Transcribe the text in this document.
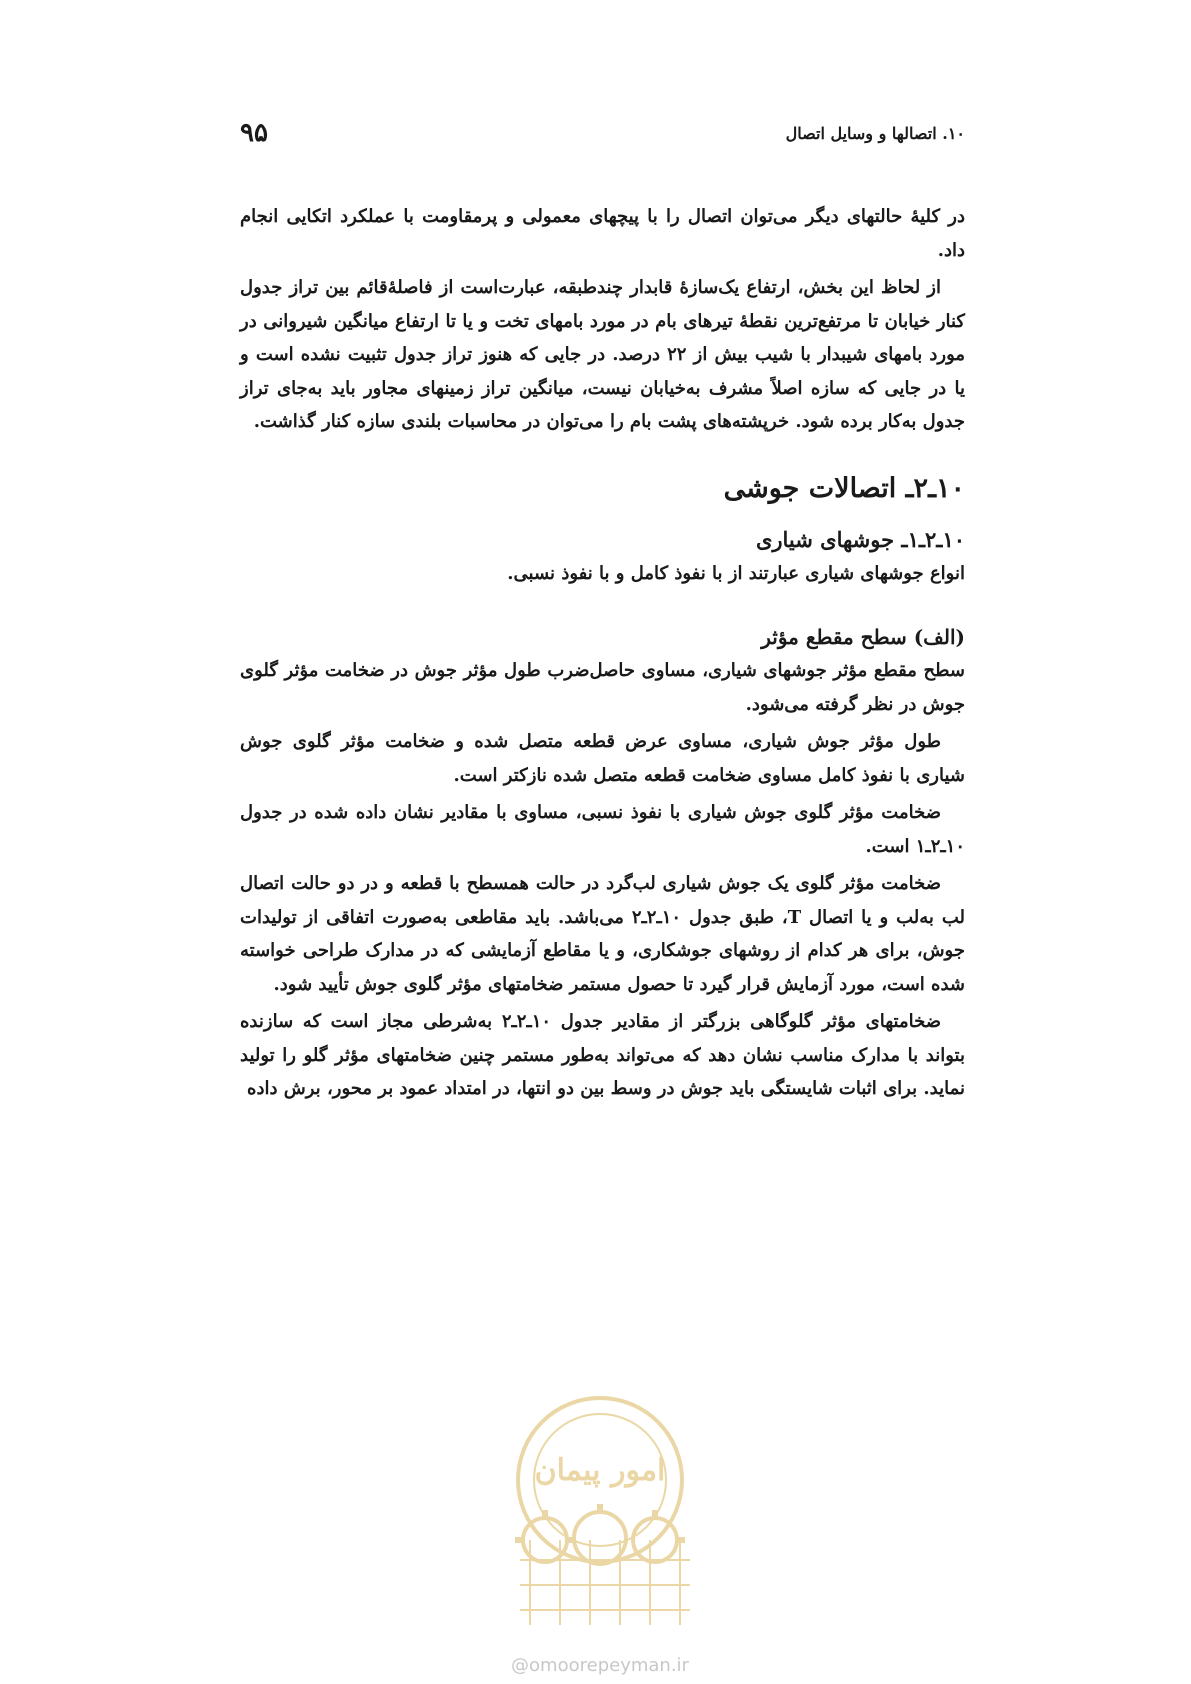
۹۵	۱۰. اتصالها و وسایل اتصال

در کلیهٔ حالتهای دیگر می‌توان اتصال را با پیچهای معمولی و پرمقاومت با عملکرد اتکایی انجام داد.

از لحاظ این بخش، ارتفاع یک‌سازهٔ قابدار چندطبقه، عبارت‌است از فاصلهٔ‌قائم بین تراز جدول کنار خیابان تا مرتفع‌ترین نقطهٔ تیرهای بام در مورد بامهای تخت و یا تا ارتفاع میانگین شیروانی در مورد بامهای شیبدار با شیب بیش از ۲۲ درصد. در جایی که هنوز تراز جدول تثبیت نشده است و یا در جایی که سازه اصلاً مشرف به‌خیابان نیست، میانگین تراز زمینهای مجاور باید به‌جای تراز جدول به‌کار برده شود. خرپشته‌های پشت بام را می‌توان در محاسبات بلندی سازه کنار گذاشت.

۱۰ـ۲ـ اتصالات جوشی
۱۰ـ۲ـ۱ـ جوشهای شیاری

انواع جوشهای شیاری عبارتند از با نفوذ کامل و با نفوذ نسبی.

(الف) سطح مقطع مؤثر

سطح مقطع مؤثر جوشهای شیاری، مساوی حاصل‌ضرب طول مؤثر جوش در ضخامت مؤثر گلوی جوش در نظر گرفته می‌شود.

طول مؤثر جوش شیاری، مساوی عرض قطعه متصل شده و ضخامت مؤثر گلوی جوش شیاری با نفوذ کامل مساوی ضخامت قطعه متصل شده نازکتر است.

ضخامت مؤثر گلوی جوش شیاری با نفوذ نسبی، مساوی با مقادیر نشان داده شده در جدول ۱۰ـ۲ـ۱ است.

ضخامت مؤثر گلوی یک جوش شیاری لب‌گرد در حالت همسطح با قطعه و در دو حالت اتصال لب به‌لب و یا اتصال T، طبق جدول ۱۰ـ۲ـ۲ می‌باشد. باید مقاطعی به‌صورت اتفاقی از تولیدات جوش، برای هر کدام از روشهای جوشکاری، و یا مقاطع آزمایشی که در مدارک طراحی خواسته شده است، مورد آزمایش قرار گیرد تا حصول مستمر ضخامتهای مؤثر گلوی جوش تأیید شود.

ضخامتهای مؤثر گلوگاهی بزرگتر از مقادیر جدول ۱۰ـ۲ـ۲ به‌شرطی مجاز است که سازنده بتواند با مدارک مناسب نشان دهد که می‌تواند به‌طور مستمر چنین ضخامتهای مؤثر گلو را تولید نماید. برای اثبات شایستگی باید جوش در وسط بین دو انتها، در امتداد عمود بر محور، برش داده

امور پیمان
@omoorepeyman.ir
